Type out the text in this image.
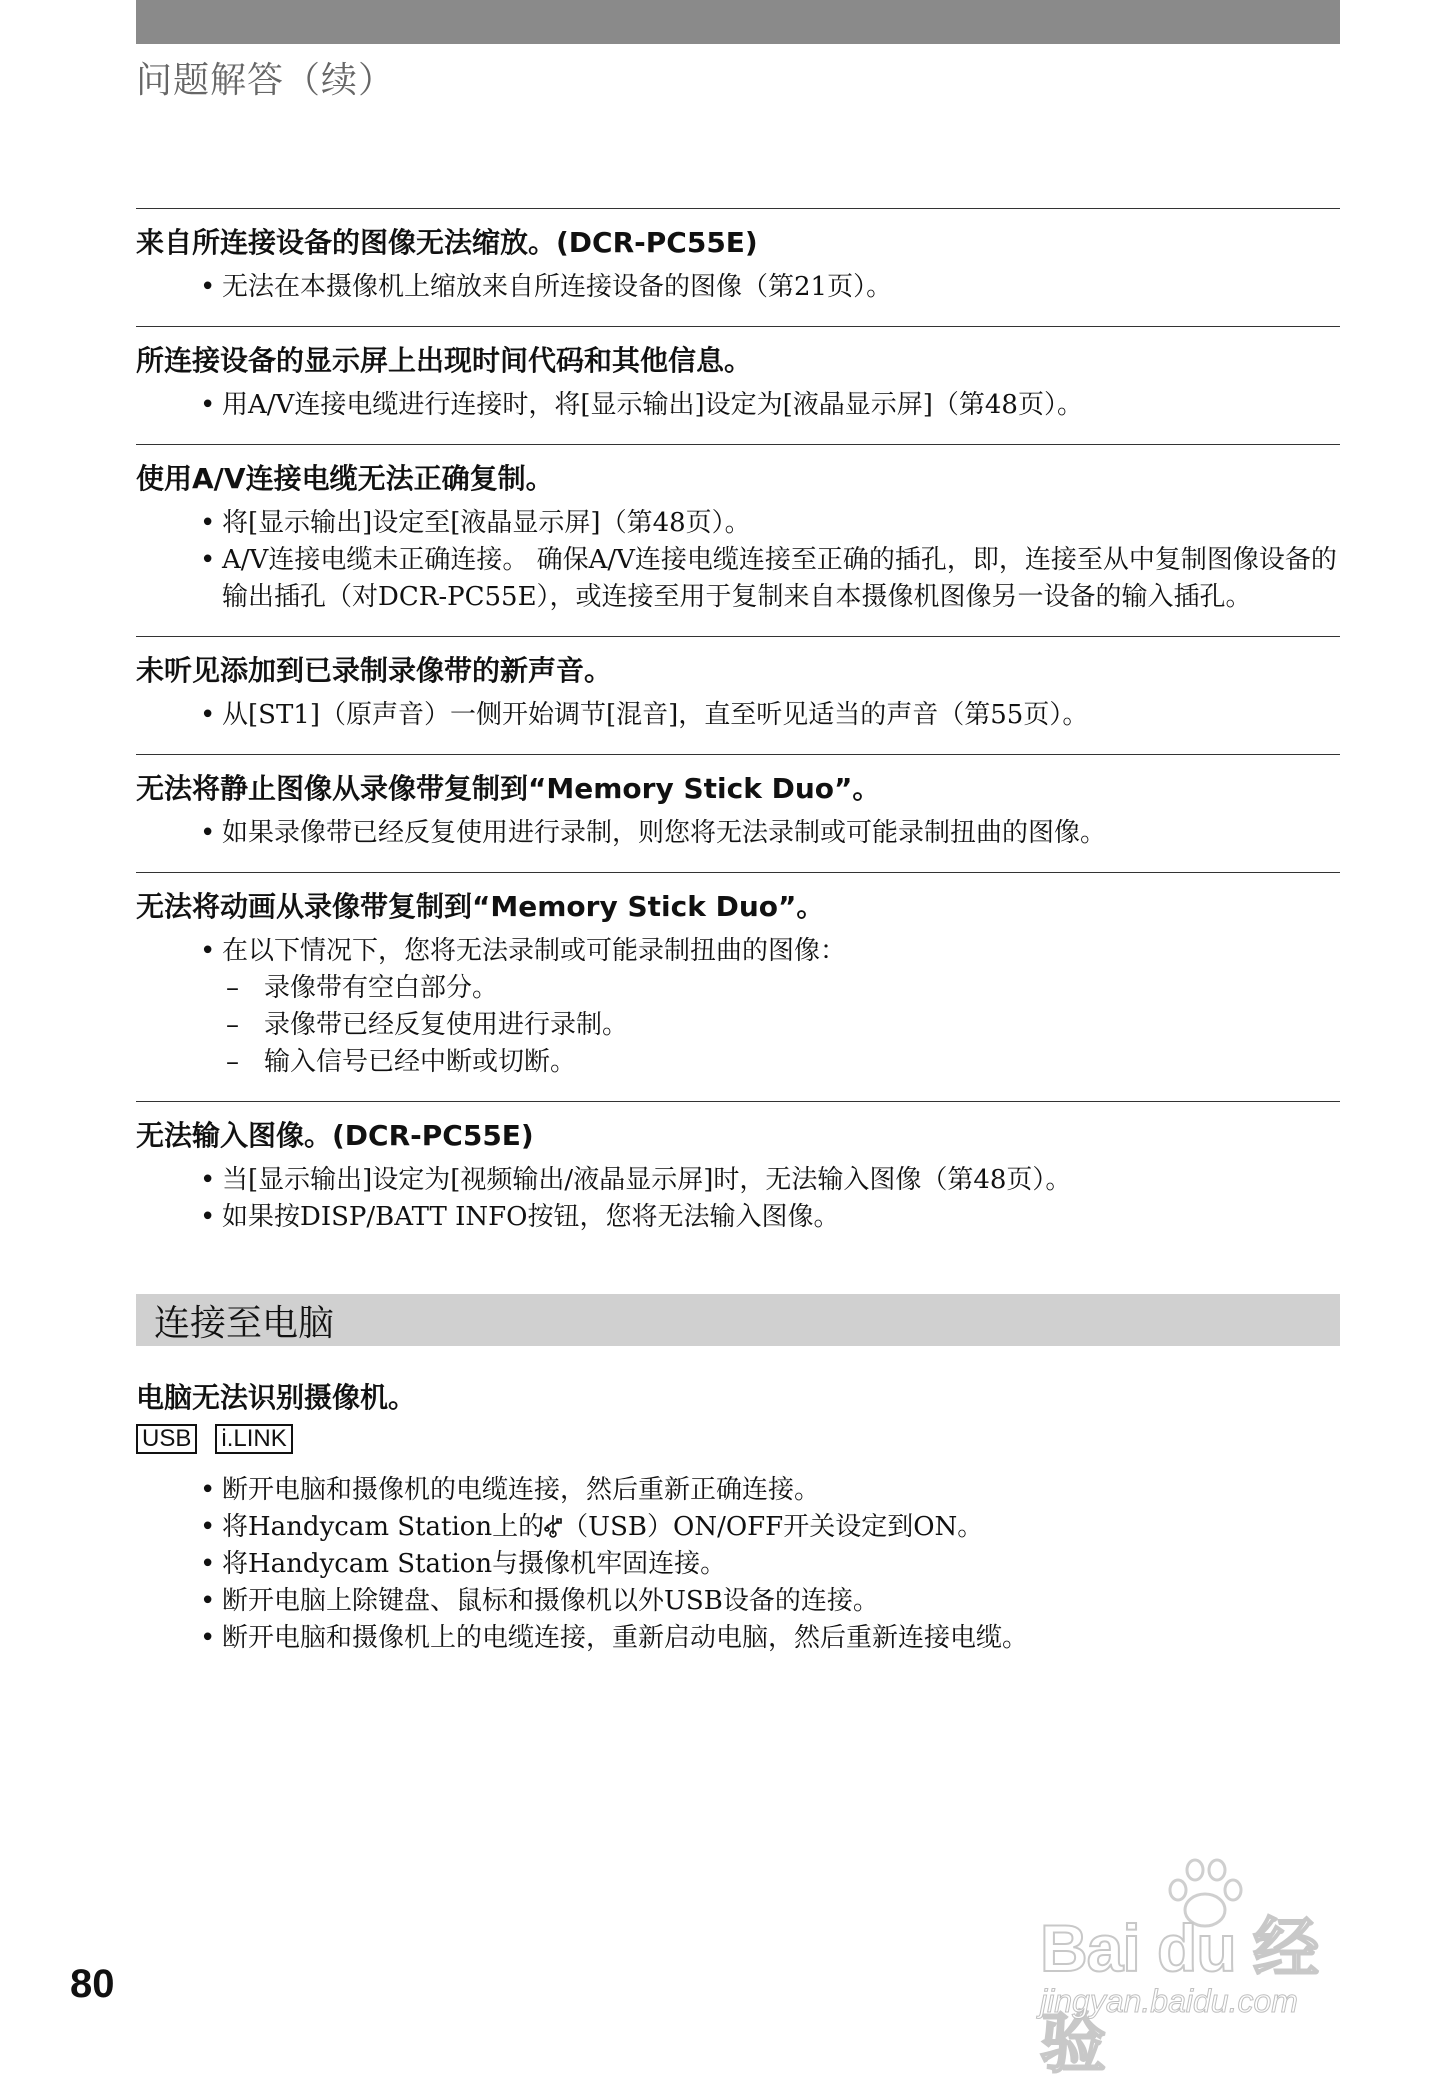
问题解答（续）
来自所连接设备的图像无法缩放。(DCR-PC55E)
• 无法在本摄像机上缩放来自所连接设备的图像（第21页）。
所连接设备的显示屏上出现时间代码和其他信息。
• 用A/V连接电缆进行连接时，将[显示输出]设定为[液晶显示屏]（第48页）。
使用A/V连接电缆无法正确复制。
• 将[显示输出]设定至[液晶显示屏]（第48页）。
• A/V连接电缆未正确连接。 确保A/V连接电缆连接至正确的插孔，即，连接至从中复制图像设备的输出插孔（对DCR-PC55E），或连接至用于复制来自本摄像机图像另一设备的输入插孔。
未听见添加到已录制录像带的新声音。
• 从[ST1]（原声音）一侧开始调节[混音]，直至听见适当的声音（第55页）。
无法将静止图像从录像带复制到“Memory Stick Duo”。
• 如果录像带已经反复使用进行录制，则您将无法录制或可能录制扭曲的图像。
无法将动画从录像带复制到“Memory Stick Duo”。
• 在以下情况下，您将无法录制或可能录制扭曲的图像：
– 录像带有空白部分。
– 录像带已经反复使用进行录制。
– 输入信号已经中断或切断。
无法输入图像。(DCR-PC55E)
• 当[显示输出]设定为[视频输出/液晶显示屏]时，无法输入图像（第48页）。
• 如果按DISP/BATT INFO按钮，您将无法输入图像。
连接至电脑
电脑无法识别摄像机。
USB i.LINK
• 断开电脑和摄像机的电缆连接，然后重新正确连接。
• 将Handycam Station上的 （USB）ON/OFF开关设定到ON。
• 将Handycam Station与摄像机牢固连接。
• 断开电脑上除键盘、鼠标和摄像机以外USB设备的连接。
• 断开电脑和摄像机上的电缆连接，重新启动电脑，然后重新连接电缆。
80	Bai du 经验
jingyan.baidu.com
